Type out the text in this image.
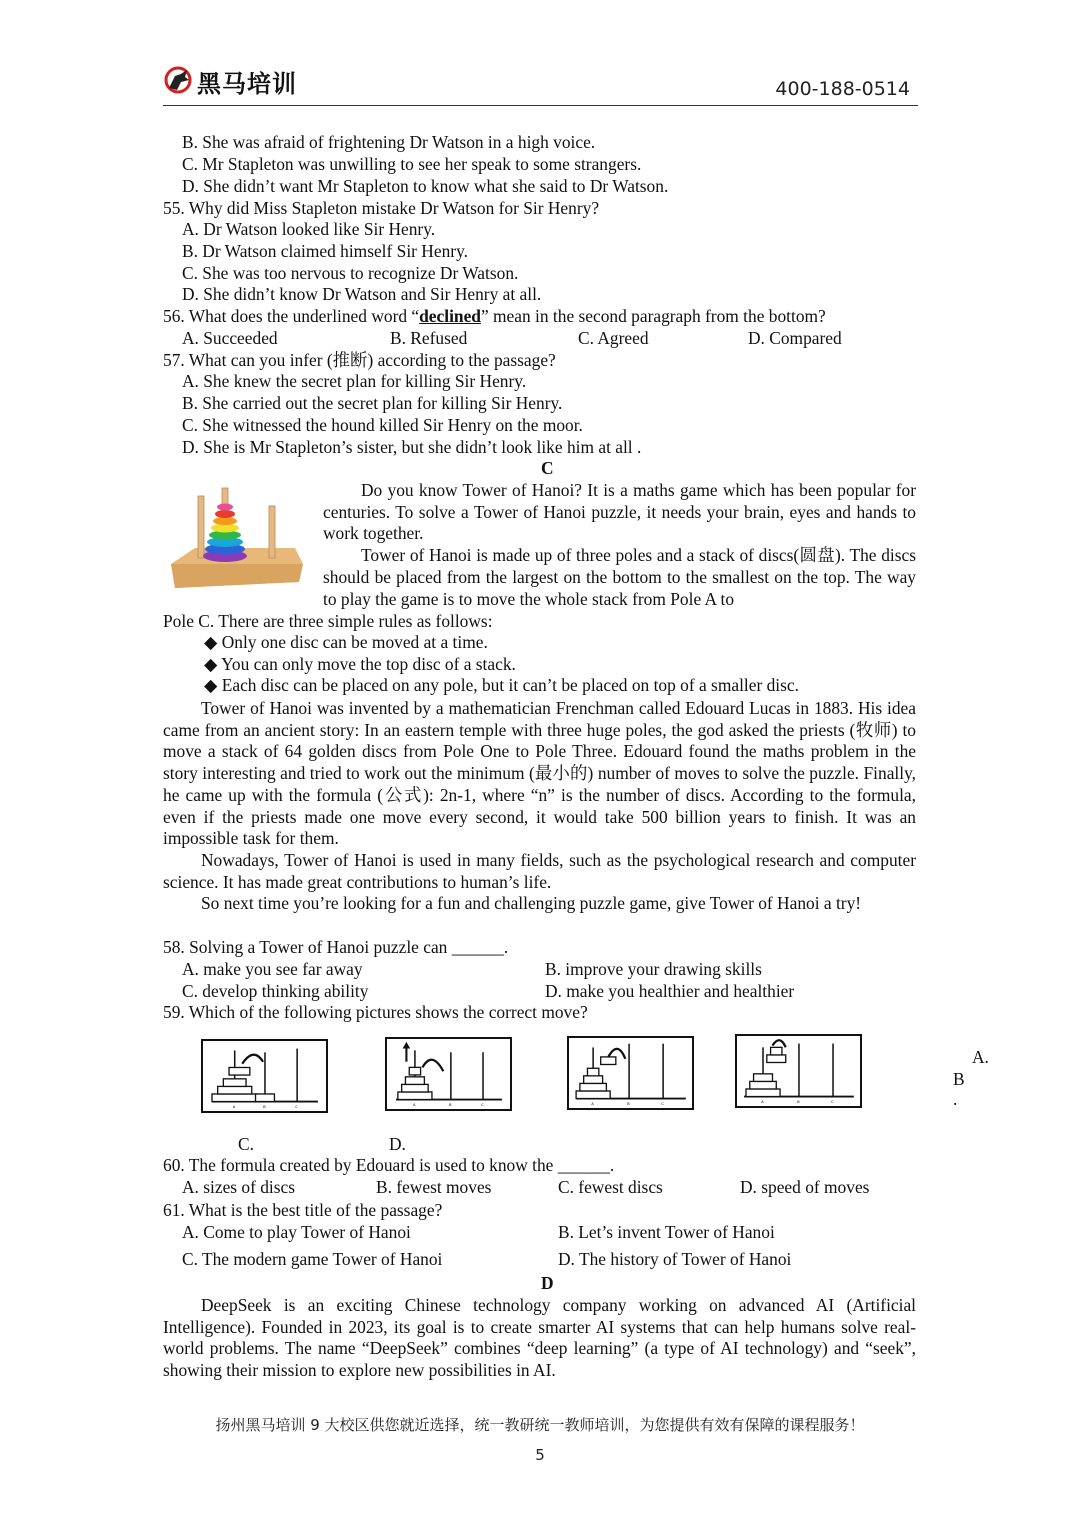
黑马培训	400-188-0514
B. She was afraid of frightening Dr Watson in a high voice.
C. Mr Stapleton was unwilling to see her speak to some strangers.
D. She didn’t want Mr Stapleton to know what she said to Dr Watson.
55. Why did Miss Stapleton mistake Dr Watson for Sir Henry?
A. Dr Watson looked like Sir Henry.
B. Dr Watson claimed himself Sir Henry.
C. She was too nervous to recognize Dr Watson.
D. She didn’t know Dr Watson and Sir Henry at all.
56. What does the underlined word “declined” mean in the second paragraph from the bottom?
A. Succeeded	B. Refused	C. Agreed	D. Compared
57. What can you infer (推断) according to the passage?
A. She knew the secret plan for killing Sir Henry.
B. She carried out the secret plan for killing Sir Henry.
C. She witnessed the hound killed Sir Henry on the moor.
D. She is Mr Stapleton’s sister, but she didn’t look like him at all .
C

Do you know Tower of Hanoi? It is a maths game which has been popular for centuries. To solve a Tower of Hanoi puzzle, it needs your brain, eyes and hands to work together.

Tower of Hanoi is made up of three poles and a stack of discs(圆盘). The discs should be placed from the largest on the bottom to the smallest on the top. The way to play the game is to move the whole stack from Pole A to

Pole C. There are three simple rules as follows:
◆ Only one disc can be moved at a time.
◆ You can only move the top disc of a stack.
◆ Each disc can be placed on any pole, but it can’t be placed on top of a smaller disc.

Tower of Hanoi was invented by a mathematician Frenchman called Edouard Lucas in 1883. His idea came from an ancient story: In an eastern temple with three huge poles, the god asked the priests (牧师) to move a stack of 64 golden discs from Pole One to Pole Three. Edouard found the maths problem in the story interesting and tried to work out the minimum (最小的) number of moves to solve the puzzle. Finally, he came up with the formula (公式): 2n-1, where “n” is the number of discs. According to the formula, even if the priests made one move every second, it would take 500 billion years to finish. It was an impossible task for them.

Nowadays, Tower of Hanoi is used in many fields, such as the psychological research and computer science. It has made great contributions to human’s life.

So next time you’re looking for a fun and challenging puzzle game, give Tower of Hanoi a try!

58. Solving a Tower of Hanoi puzzle can ______.
A. make you see far away	B. improve your drawing skills
C. develop thinking ability	D. make you healthier and healthier
59. Which of the following pictures shows the correct move?
A	B	C	A	B	C	A	B	C	A	B	C
A.
B
.
C.	D.
60. The formula created by Edouard is used to know the ______.
A. sizes of discs	B. fewest moves	C. fewest discs	D. speed of moves
61. What is the best title of the passage?
A. Come to play Tower of Hanoi	B. Let’s invent Tower of Hanoi
C. The modern game Tower of Hanoi	D. The history of Tower of Hanoi
D

DeepSeek is an exciting Chinese technology company working on advanced AI (Artificial Intelligence). Founded in 2023, its goal is to create smarter AI systems that can help humans solve real-world problems. The name “DeepSeek” combines “deep learning” (a type of AI technology) and “seek”, showing their mission to explore new possibilities in AI.

扬州黑马培训 9 大校区供您就近选择，统一教研统一教师培训，为您提供有效有保障的课程服务！
5
